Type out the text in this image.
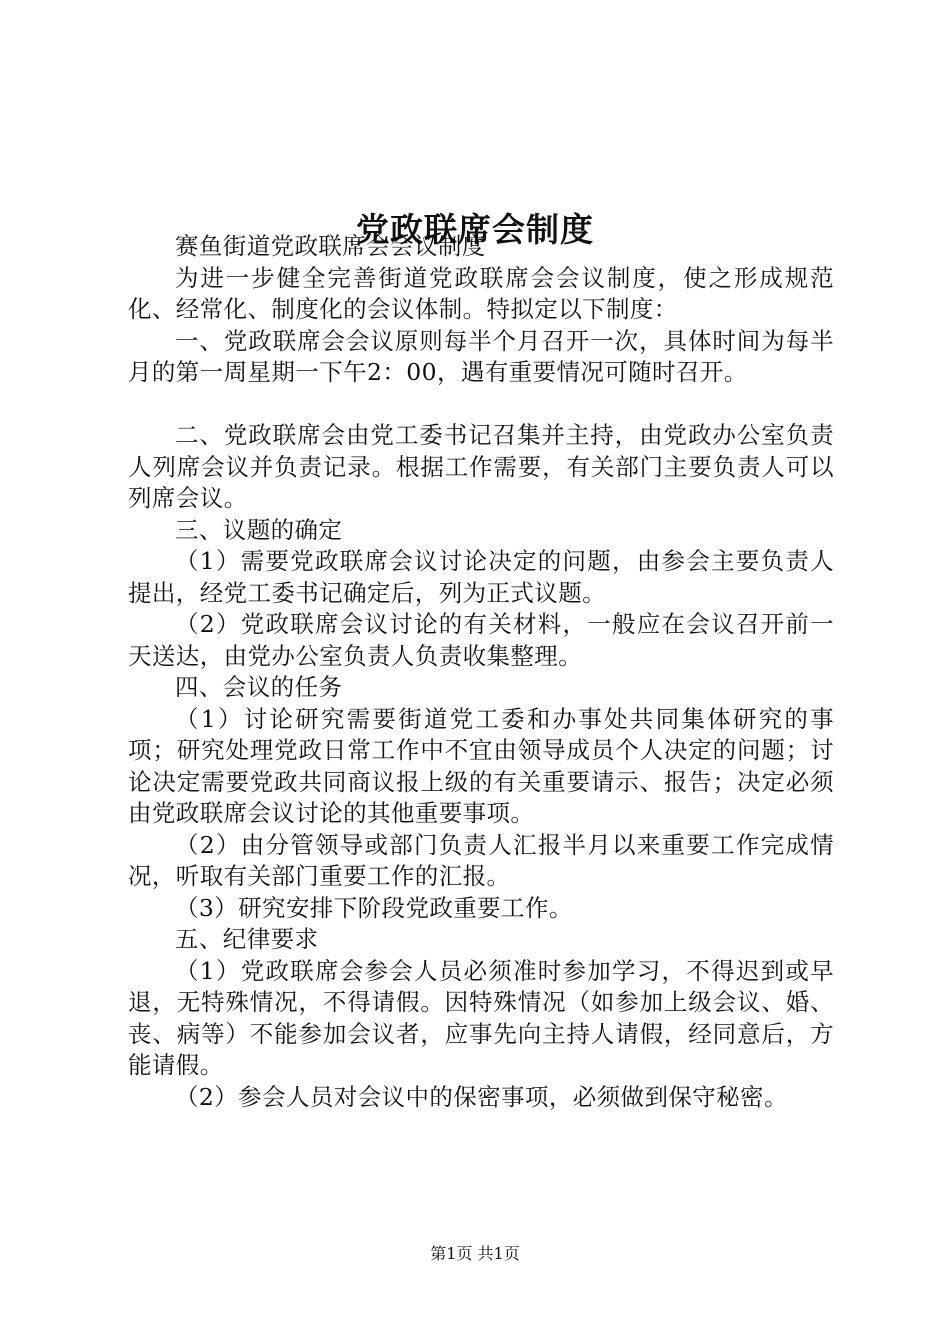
党政联席会制度

赛鱼街道党政联席会会议制度

为进一步健全完善街道党政联席会会议制度，使之形成规范化、经常化、制度化的会议体制。特拟定以下制度：

一、党政联席会会议原则每半个月召开一次，具体时间为每半月的第一周星期一下午2：00，遇有重要情况可随时召开。

二、党政联席会由党工委书记召集并主持，由党政办公室负责人列席会议并负责记录。根据工作需要，有关部门主要负责人可以列席会议。

三、议题的确定

（1）需要党政联席会议讨论决定的问题，由参会主要负责人提出，经党工委书记确定后，列为正式议题。

（2）党政联席会议讨论的有关材料，一般应在会议召开前一天送达，由党办公室负责人负责收集整理。

四、会议的任务

（1）讨论研究需要街道党工委和办事处共同集体研究的事项；研究处理党政日常工作中不宜由领导成员个人决定的问题；讨论决定需要党政共同商议报上级的有关重要请示、报告；决定必须由党政联席会议讨论的其他重要事项。

（2）由分管领导或部门负责人汇报半月以来重要工作完成情况，听取有关部门重要工作的汇报。

（3）研究安排下阶段党政重要工作。

五、纪律要求

（1）党政联席会参会人员必须准时参加学习，不得迟到或早退，无特殊情况，不得请假。因特殊情况（如参加上级会议、婚、丧、病等）不能参加会议者，应事先向主持人请假，经同意后，方能请假。

（2）参会人员对会议中的保密事项，必须做到保守秘密。

第1页 共1页
